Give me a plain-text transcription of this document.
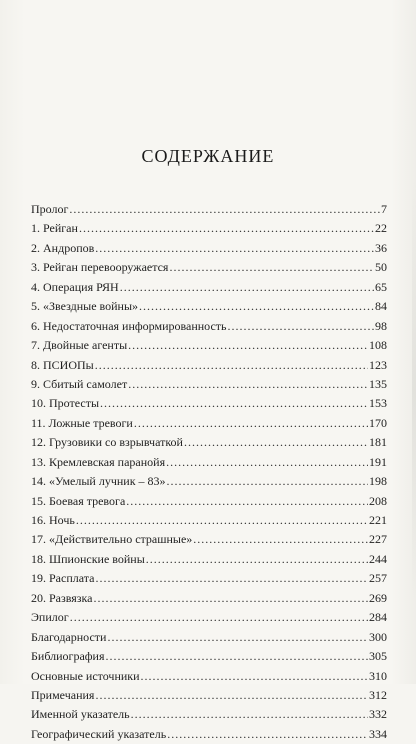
СОДЕРЖАНИЕ
Пролог .....	7
1. Рейган .....	22
2. Андропов .....	36
3. Рейган перевооружается .....	50
4. Операция РЯН .....	65
5. «Звездные войны» .....	84
6. Недостаточная информированность .....	98
7. Двойные агенты .....	108
8. ПСИОПы .....	123
9. Сбитый самолет .....	135
10. Протесты .....	153
11. Ложные тревоги .....	170
12. Грузовики со взрывчаткой .....	181
13. Кремлевская паранойя .....	191
14. «Умелый лучник – 83» .....	198
15. Боевая тревога .....	208
16. Ночь .....	221
17. «Действительно страшные» .....	227
18. Шпионские войны .....	244
19. Расплата .....	257
20. Развязка .....	269
Эпилог .....	284
Благодарности .....	300
Библиография .....	305
Основные источники .....	310
Примечания .....	312
Именной указатель .....	332
Географический указатель .....	334
